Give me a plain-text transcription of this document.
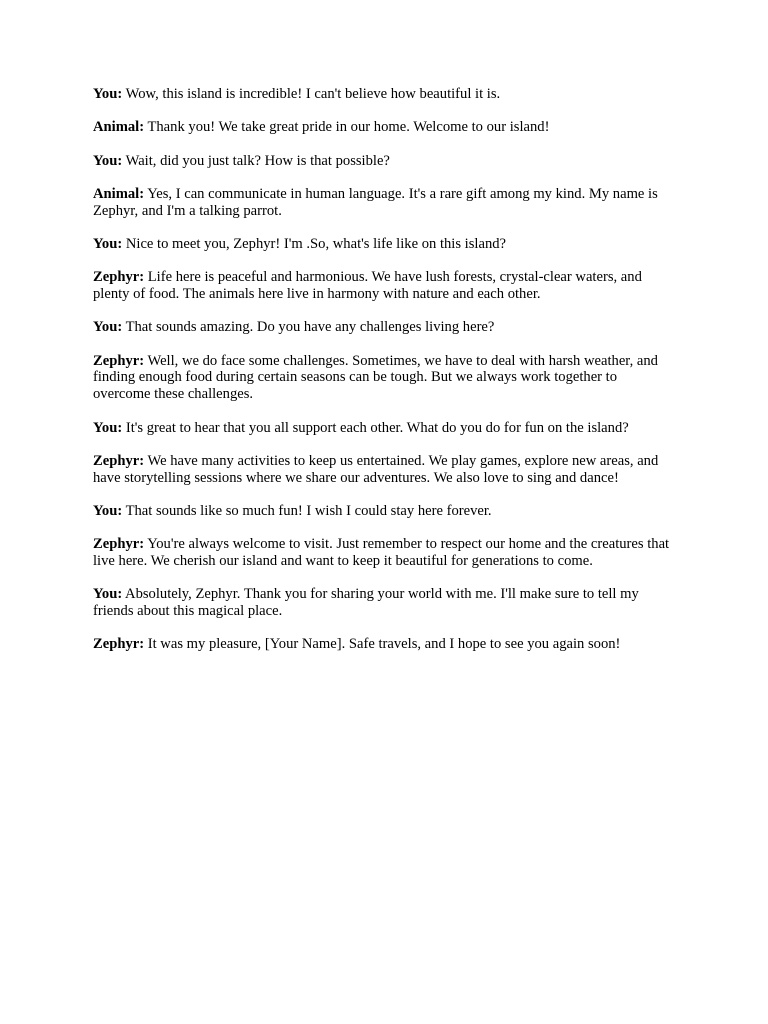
You: Wow, this island is incredible! I can't believe how beautiful it is.

Animal: Thank you! We take great pride in our home. Welcome to our island!

You: Wait, did you just talk? How is that possible?

Animal: Yes, I can communicate in human language. It's a rare gift among my kind. My name is Zephyr, and I'm a talking parrot.

You: Nice to meet you, Zephyr! I'm .So, what's life like on this island?

Zephyr: Life here is peaceful and harmonious. We have lush forests, crystal-clear waters, and plenty of food. The animals here live in harmony with nature and each other.

You: That sounds amazing. Do you have any challenges living here?

Zephyr: Well, we do face some challenges. Sometimes, we have to deal with harsh weather, and finding enough food during certain seasons can be tough. But we always work together to overcome these challenges.

You: It's great to hear that you all support each other. What do you do for fun on the island?

Zephyr: We have many activities to keep us entertained. We play games, explore new areas, and have storytelling sessions where we share our adventures. We also love to sing and dance!

You: That sounds like so much fun! I wish I could stay here forever.

Zephyr: You're always welcome to visit. Just remember to respect our home and the creatures that live here. We cherish our island and want to keep it beautiful for generations to come.

You: Absolutely, Zephyr. Thank you for sharing your world with me. I'll make sure to tell my friends about this magical place.

Zephyr: It was my pleasure, [Your Name]. Safe travels, and I hope to see you again soon!
